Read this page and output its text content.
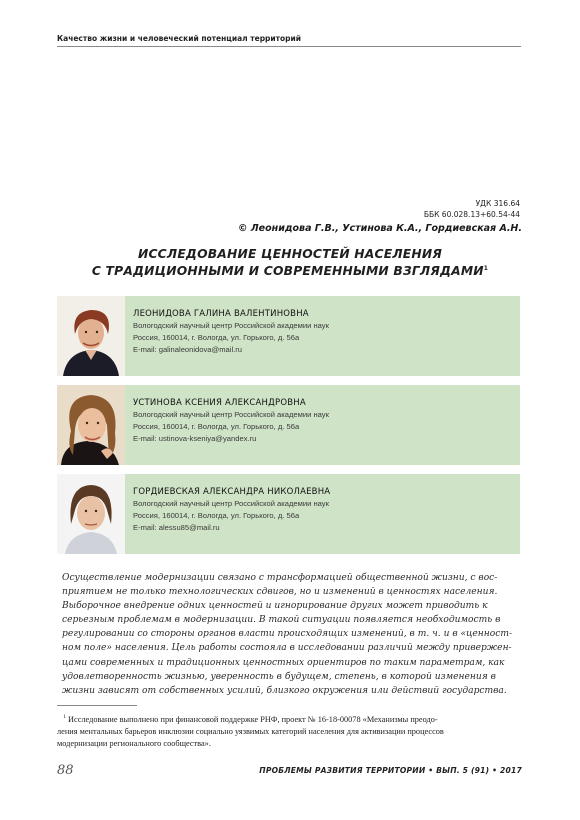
Качество жизни и человеческий потенциал территорий
УДК 316.64
ББК 60.028.13+60.54-44
© Леонидова Г.В., Устинова К.А., Гордиевская А.Н.
ИССЛЕДОВАНИЕ ЦЕННОСТЕЙ НАСЕЛЕНИЯ
С ТРАДИЦИОННЫМИ И СОВРЕМЕННЫМИ ВЗГЛЯДАМИ$^1$
ЛЕОНИДОВА ГАЛИНА ВАЛЕНТИНОВНА
Вологодский научный центр Российской академии наук
Россия, 160014, г. Вологда, ул. Горького, д. 56а
E-mail: galinaleonidova@mail.ru
УСТИНОВА КСЕНИЯ АЛЕКСАНДРОВНА
Вологодский научный центр Российской академии наук
Россия, 160014, г. Вологда, ул. Горького, д. 56а
E-mail: ustinova-kseniya@yandex.ru
ГОРДИЕВСКАЯ АЛЕКСАНДРА НИКОЛАЕВНА
Вологодский научный центр Российской академии наук
Россия, 160014, г. Вологда, ул. Горького, д. 56а
E-mail: alessu85@mail.ru

Осуществление модернизации связано с трансформацией общественной жизни, с вос-
приятием не только технологических сдвигов, но и изменений в ценностях населения.
Выборочное внедрение одних ценностей и игнорирование других может приводить к
серьезным проблемам в модернизации. В такой ситуации появляется необходимость в
регулировании со стороны органов власти происходящих изменений, в т. ч. и в «ценност-
ном поле» населения. Цель работы состояла в исследовании различий между привержен-
цами современных и традиционных ценностных ориентиров по таким параметрам, как
удовлетворенность жизнью, уверенность в будущем, степень, в которой изменения в
жизни зависят от собственных усилий, близкого окружения или действий государства.

$^1$ Исследование выполнено при финансовой поддержке РНФ, проект № 16-18-00078 «Механизмы преодо-
ления ментальных барьеров инклюзии социально уязвимых категорий населения для активизации процессов
модернизации регионального сообщества».
88	ПРОБЛЕМЫ РАЗВИТИЯ ТЕРРИТОРИИ • ВЫП. 5 (91) • 2017
